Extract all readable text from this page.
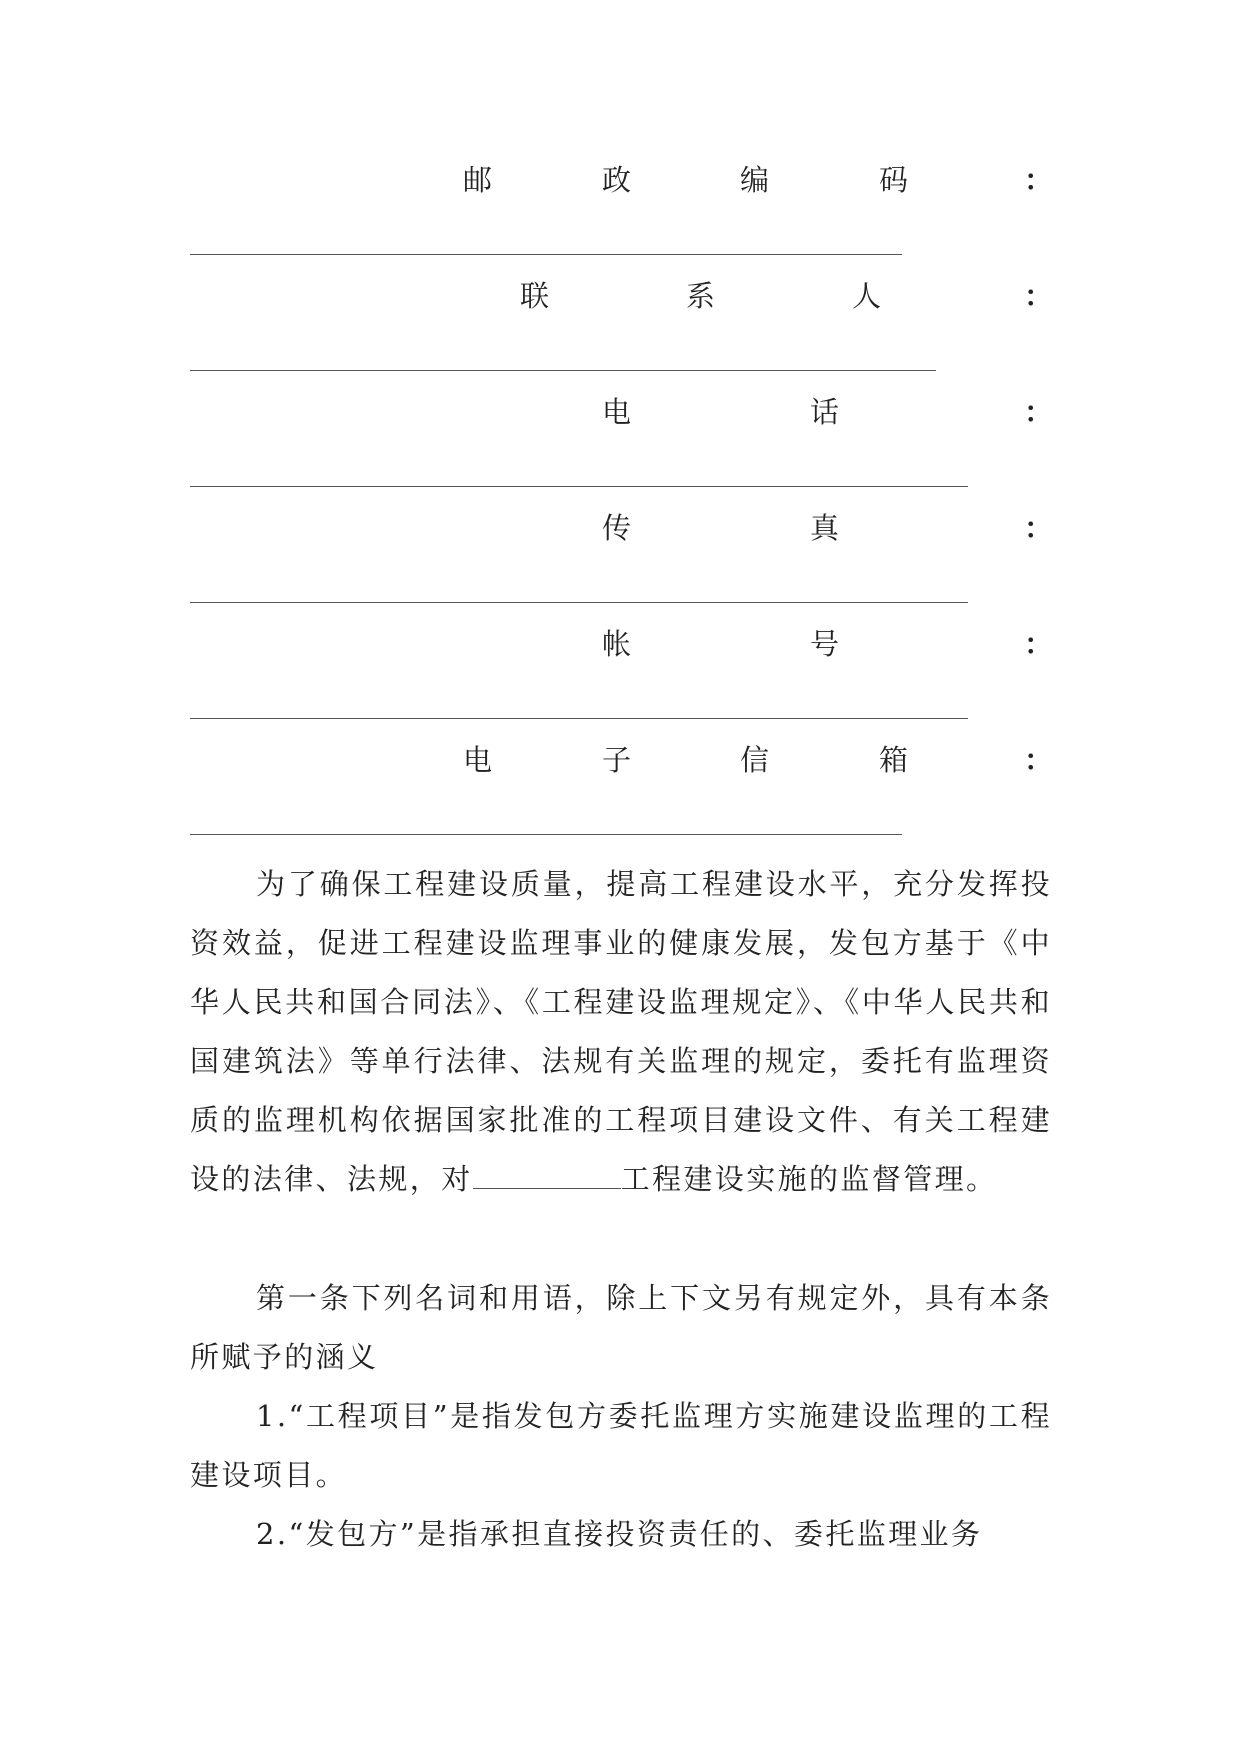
邮	政	编	码	：
联	系	人	：
电	话	：
传	真	：
帐	号	：
电	子	信	箱	：

为了确保工程建设质量，提高工程建设水平，充分发挥投资效益，促进工程建设监理事业的健康发展，发包方基于《中华人民共和国合同法》、《工程建设监理规定》、《中华人民共和国建筑法》等单行法律、法规有关监理的规定，委托有监理资质的监理机构依据国家批准的工程项目建设文件、有关工程建设的法律、法规，对	工程建设实施的监督管理。

第一条下列名词和用语，除上下文另有规定外，具有本条所赋予的涵义

1.“工程项目”是指发包方委托监理方实施建设监理的工程建设项目。

2.“发包方”是指承担直接投资责任的、委托监理业务
